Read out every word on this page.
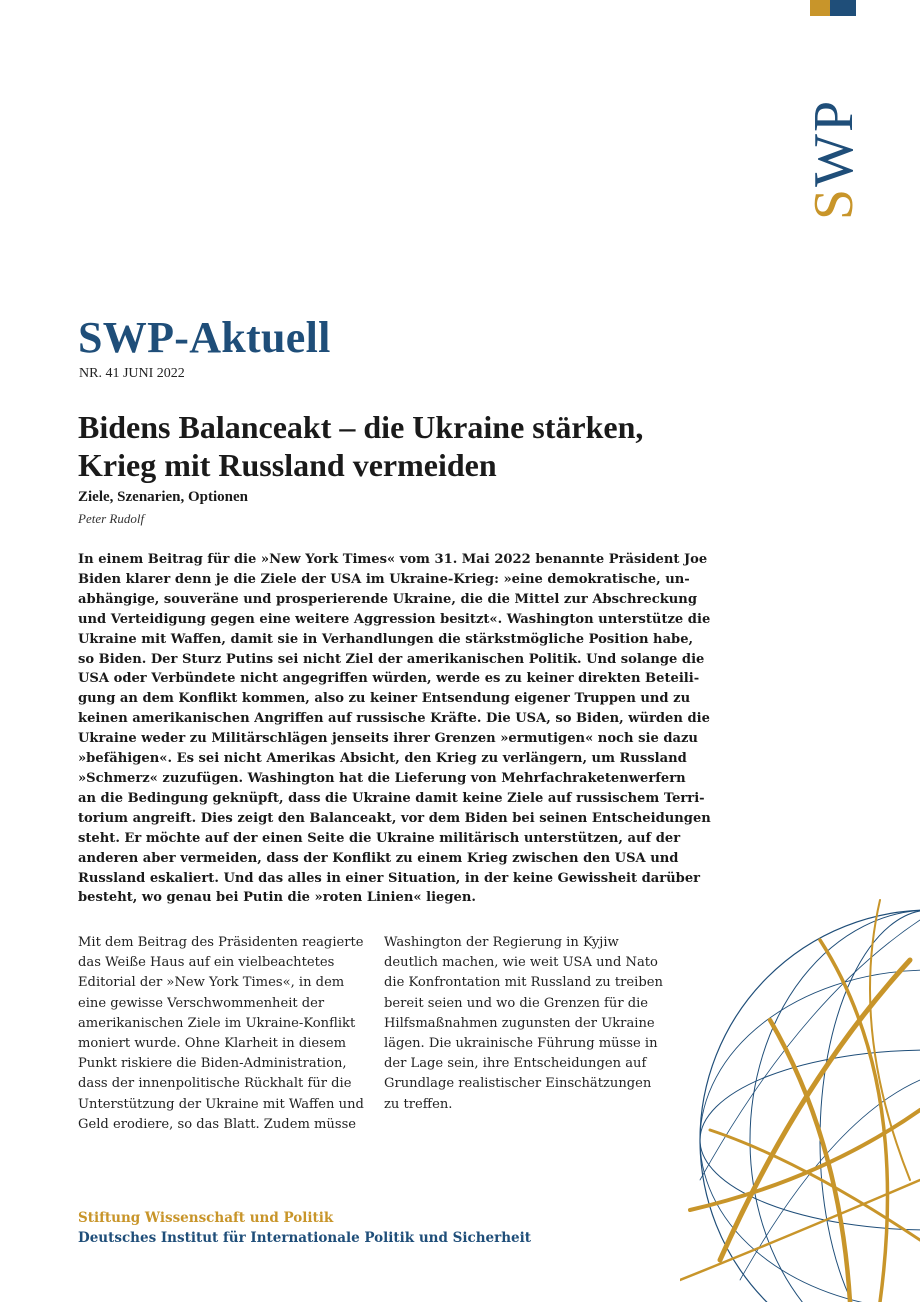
SWP
SWP-Aktuell
NR. 41 JUNI 2022
Bidens Balanceakt – die Ukraine stärken,
Krieg mit Russland vermeiden
Ziele, Szenarien, Optionen
Peter Rudolf

In einem Beitrag für die »New York Times« vom 31. Mai 2022 benannte Präsident Joe
Biden klarer denn je die Ziele der USA im Ukraine-Krieg: »eine demokratische, un-
abhängige, souveräne und prosperierende Ukraine, die die Mittel zur Abschreckung
und Verteidigung gegen eine weitere Aggression besitzt«. Washington unterstütze die
Ukraine mit Waffen, damit sie in Verhandlungen die stärkstmögliche Position habe,
so Biden. Der Sturz Putins sei nicht Ziel der amerikanischen Politik. Und solange die
USA oder Verbündete nicht angegriffen würden, werde es zu keiner direkten Beteili-
gung an dem Konflikt kommen, also zu keiner Entsendung eigener Truppen und zu
keinen amerikanischen Angriffen auf russische Kräfte. Die USA, so Biden, würden die
Ukraine weder zu Militärschlägen jenseits ihrer Grenzen »ermutigen« noch sie dazu
»befähigen«. Es sei nicht Amerikas Absicht, den Krieg zu verlängern, um Russland
»Schmerz« zuzufügen. Washington hat die Lieferung von Mehrfachraketenwerfern
an die Bedingung geknüpft, dass die Ukraine damit keine Ziele auf russischem Terri-
torium angreift. Dies zeigt den Balanceakt, vor dem Biden bei seinen Entscheidungen
steht. Er möchte auf der einen Seite die Ukraine militärisch unterstützen, auf der
anderen aber vermeiden, dass der Konflikt zu einem Krieg zwischen den USA und
Russland eskaliert. Und das alles in einer Situation, in der keine Gewissheit darüber
besteht, wo genau bei Putin die »roten Linien« liegen.

Mit dem Beitrag des Präsidenten reagierte
das Weiße Haus auf ein vielbeachtetes
Editorial der »New York Times«, in dem
eine gewisse Verschwommenheit der
amerikanischen Ziele im Ukraine-Konflikt
moniert wurde. Ohne Klarheit in diesem
Punkt riskiere die Biden-Administration,
dass der innenpolitische Rückhalt für die
Unterstützung der Ukraine mit Waffen und
Geld erodiere, so das Blatt. Zudem müsse

Washington der Regierung in Kyjiw
deutlich machen, wie weit USA und Nato
die Konfrontation mit Russland zu treiben
bereit seien und wo die Grenzen für die
Hilfsmaßnahmen zugunsten der Ukraine
lägen. Die ukrainische Führung müsse in
der Lage sein, ihre Entscheidungen auf
Grundlage realistischer Einschätzungen
zu treffen.

Stiftung Wissenschaft und Politik
Deutsches Institut für Internationale Politik und Sicherheit
